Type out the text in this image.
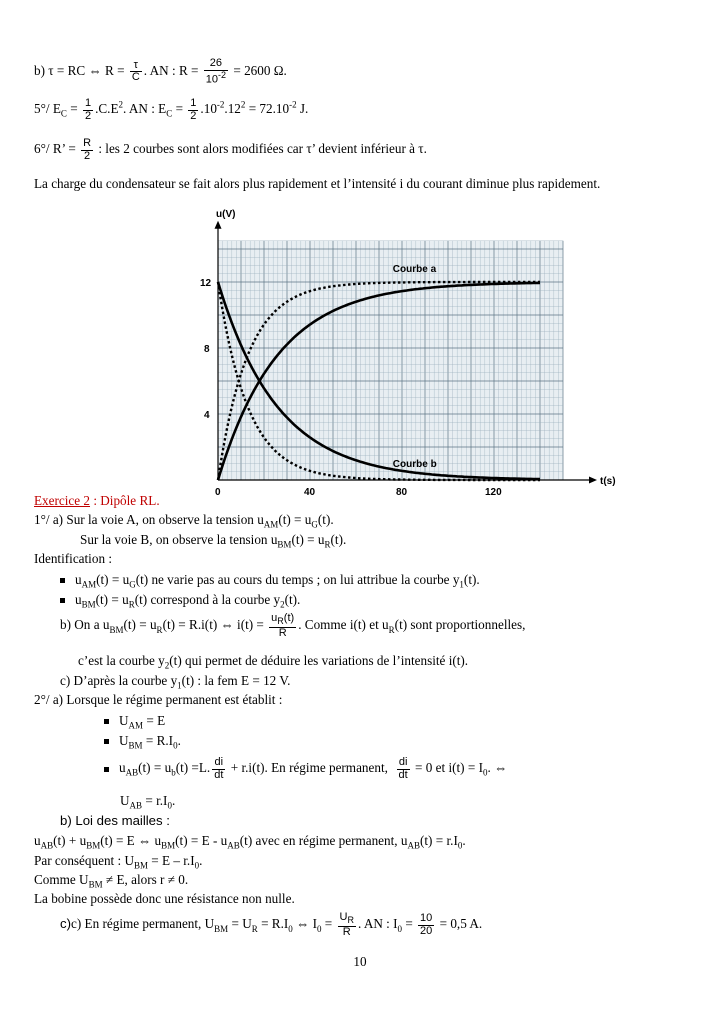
b) τ = RC ⇔ $R = \frac{\tau}{C}$ . AN : $R = \frac{26}{10^{-2}} = 2600$ Ω.
5°/ $E_C = \frac{1}{2} .C.E^2$. AN : $E_C = \frac{1}{2} .10^{-2}.12^2 = 72.10^{-2}$ J.
6°/ R’ = $\frac{R}{2}$ : les 2 courbes sont alors modifiées car τ’ devient inférieur à τ.
La charge du condensateur se fait alors plus rapidement et l’intensité i du courant diminue plus rapidement.
u(V)
t(s)
0	40	80	120
4
8
12
Courbe a
Courbe b
Exercice 2 : Dipôle RL.
1°/ a) Sur la voie A, on observe la tension $u_{AM}(t) = u_G(t)$.
Sur la voie B, on observe la tension $u_{BM}(t) = u_R(t)$.
Identification :
$u_{AM}(t) = u_G(t)$ ne varie pas au cours du temps ; on lui attribue la courbe $y_1(t)$.
$u_{BM}(t) = u_R(t)$ correspond à la courbe $y_2(t)$.
b) On a $u_{BM}(t) = u_R(t) = R.i(t)$ ⇔ $i(t) = \frac{u_R(t)}{R}$ . Comme i(t) et $u_R(t)$ sont proportionnelles,
c’est la courbe $y_2(t)$ qui permet de déduire les variations de l’intensité i(t).
c) D’après la courbe $y_1(t)$ : la fem E = 12 V.
2°/ a) Lorsque le régime permanent est établit :
$U_{AM} = E$
$U_{BM} = R.I_0$.
$u_{AB}(t) = u_b(t) =L$. $\frac{di}{dt} + r.i(t)$. En régime permanent, $\frac{di}{dt} = 0$ et $i(t) = I_0$. ⇔
$U_{AB} = r.I_0$.
b) Loi des mailles :
$u_{AB}(t) + u_{BM}(t) = E$ ⇔ $u_{BM}(t) = E - u_{AB}(t)$ avec en régime permanent, $u_{AB}(t) = r.I_0$.
Par conséquent : $U_{BM} = E - r.I_0$.
Comme $U_{BM} \ne E$, alors r ≠ 0.
La bobine possède donc une résistance non nulle.
c)c) En régime permanent, $U_{BM} = U_R = R.I_0$ ⇔ $I_0 = \frac{U_R}{R}$ . AN : $I_0 = \frac{10}{20} = 0,5$ A.
10
